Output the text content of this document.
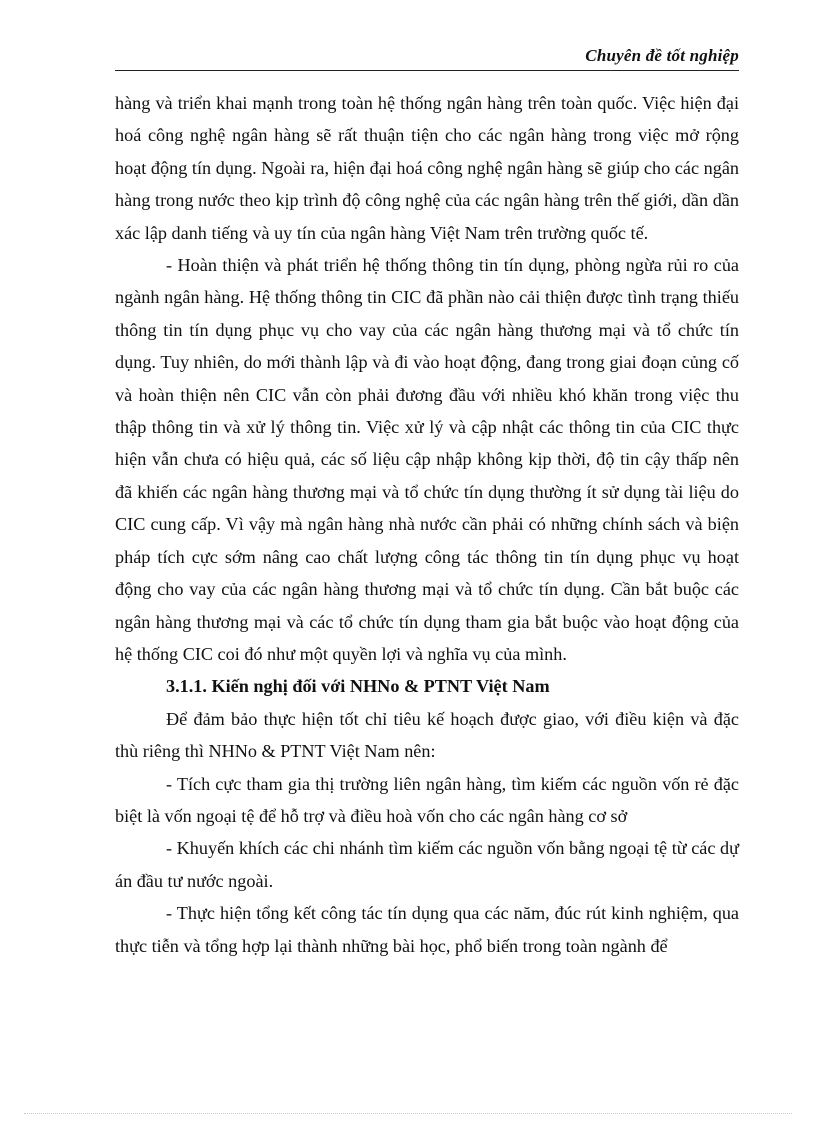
Chuyên đề tốt nghiệp

hàng và triển khai mạnh trong toàn hệ thống ngân hàng trên toàn quốc. Việc hiện đại hoá công nghệ ngân hàng sẽ rất thuận tiện cho các ngân hàng trong việc mở rộng hoạt động tín dụng. Ngoài ra, hiện đại hoá công nghệ ngân hàng sẽ giúp cho các ngân hàng trong nước theo kịp trình độ công nghệ của các ngân hàng trên thế giới, dần dần xác lập danh tiếng và uy tín của ngân hàng Việt Nam trên trường quốc tế.

- Hoàn thiện và phát triển hệ thống thông tin tín dụng, phòng ngừa rủi ro của ngành ngân hàng. Hệ thống thông tin CIC đã phần nào cải thiện được tình trạng thiếu thông tin tín dụng phục vụ cho vay của các ngân hàng thương mại và tổ chức tín dụng. Tuy nhiên, do mới thành lập và đi vào hoạt động, đang trong giai đoạn củng cố và hoàn thiện nên CIC vẫn còn phải đương đầu với nhiều khó khăn trong việc thu thập thông tin và xử lý thông tin. Việc xử lý và cập nhật các thông tin của CIC thực hiện vẫn chưa có hiệu quả, các số liệu cập nhập không kịp thời, độ tin cậy thấp nên đã khiến các ngân hàng thương mại và tổ chức tín dụng thường ít sử dụng tài liệu do CIC cung cấp. Vì vậy mà ngân hàng nhà nước cần phải có những chính sách và biện pháp tích cực sớm nâng cao chất lượng công tác thông tin tín dụng phục vụ hoạt động cho vay của các ngân hàng thương mại và tổ chức tín dụng. Cần bắt buộc các ngân hàng thương mại và các tổ chức tín dụng tham gia bắt buộc vào hoạt động của hệ thống CIC coi đó như một quyền lợi và nghĩa vụ của mình.

3.1.1. Kiến nghị đối với NHNo & PTNT Việt Nam

Để đảm bảo thực hiện tốt chỉ tiêu kế hoạch được giao, với điều kiện và đặc thù riêng thì NHNo & PTNT Việt Nam nên:

- Tích cực tham gia thị trường liên ngân hàng, tìm kiếm các nguồn vốn rẻ đặc biệt là vốn ngoại tệ để hỗ trợ và điều hoà vốn cho các ngân hàng cơ sở

- Khuyến khích các chi nhánh tìm kiếm các nguồn vốn bằng ngoại tệ từ các dự án đầu tư nước ngoài.

- Thực hiện tổng kết công tác tín dụng qua các năm, đúc rút kinh nghiệm, qua thực tiễn và tổng hợp lại thành những bài học, phổ biến trong toàn ngành để
